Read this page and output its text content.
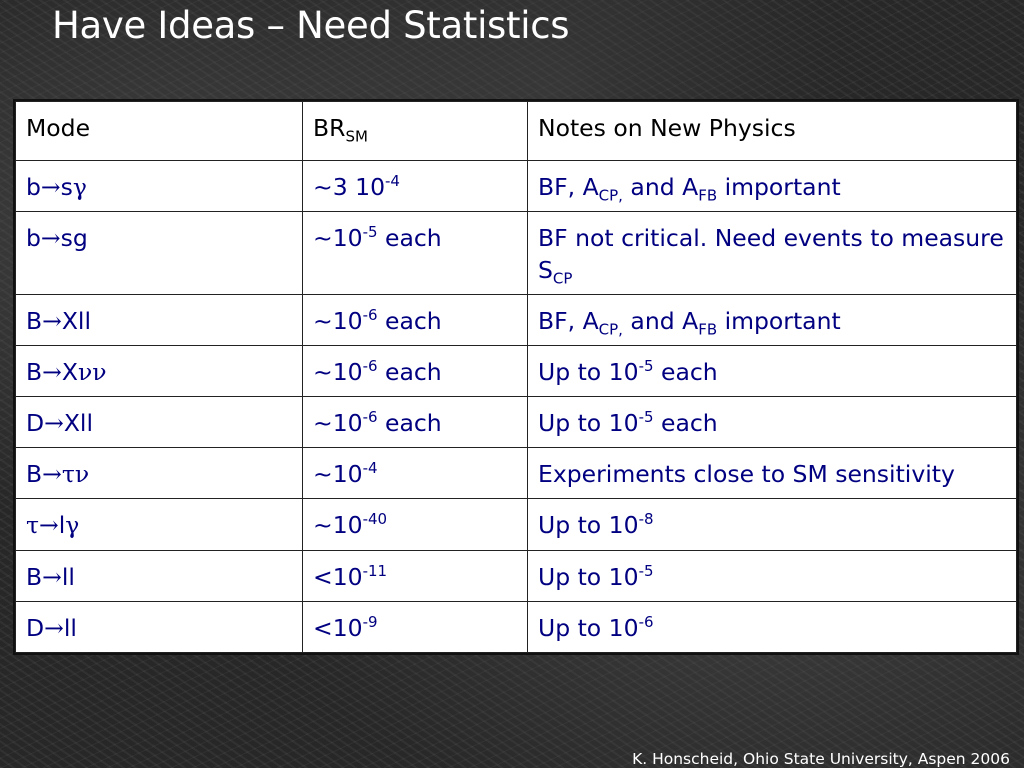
Have Ideas – Need Statistics
Mode	$BR_{SM}$	Notes on New Physics
b→sγ	~3 $10^{-4}$	BF, $A_{CP,}$ and $A_{FB}$ important
b→sg	$\sim 10^{-5}$ each	BF not critical. Need events to measure $S_{CP}$
B→Xll	$\sim 10^{-6}$ each	BF, $A_{CP,}$ and $A_{FB}$ important
B→Xνν	$\sim 10^{-6}$ each	Up to $10^{-5}$ each
D→Xll	$\sim 10^{-6}$ each	Up to $10^{-5}$ each
B→τν	$\sim 10^{-4}$	Experiments close to SM sensitivity
τ→lγ	$\sim 10^{-40}$	Up to $10^{-8}$
B→ll	$<10^{-11}$	Up to $10^{-5}$
D→ll	$<10^{-9}$	Up to $10^{-6}$

K. Honscheid, Ohio State University, Aspen 2006
